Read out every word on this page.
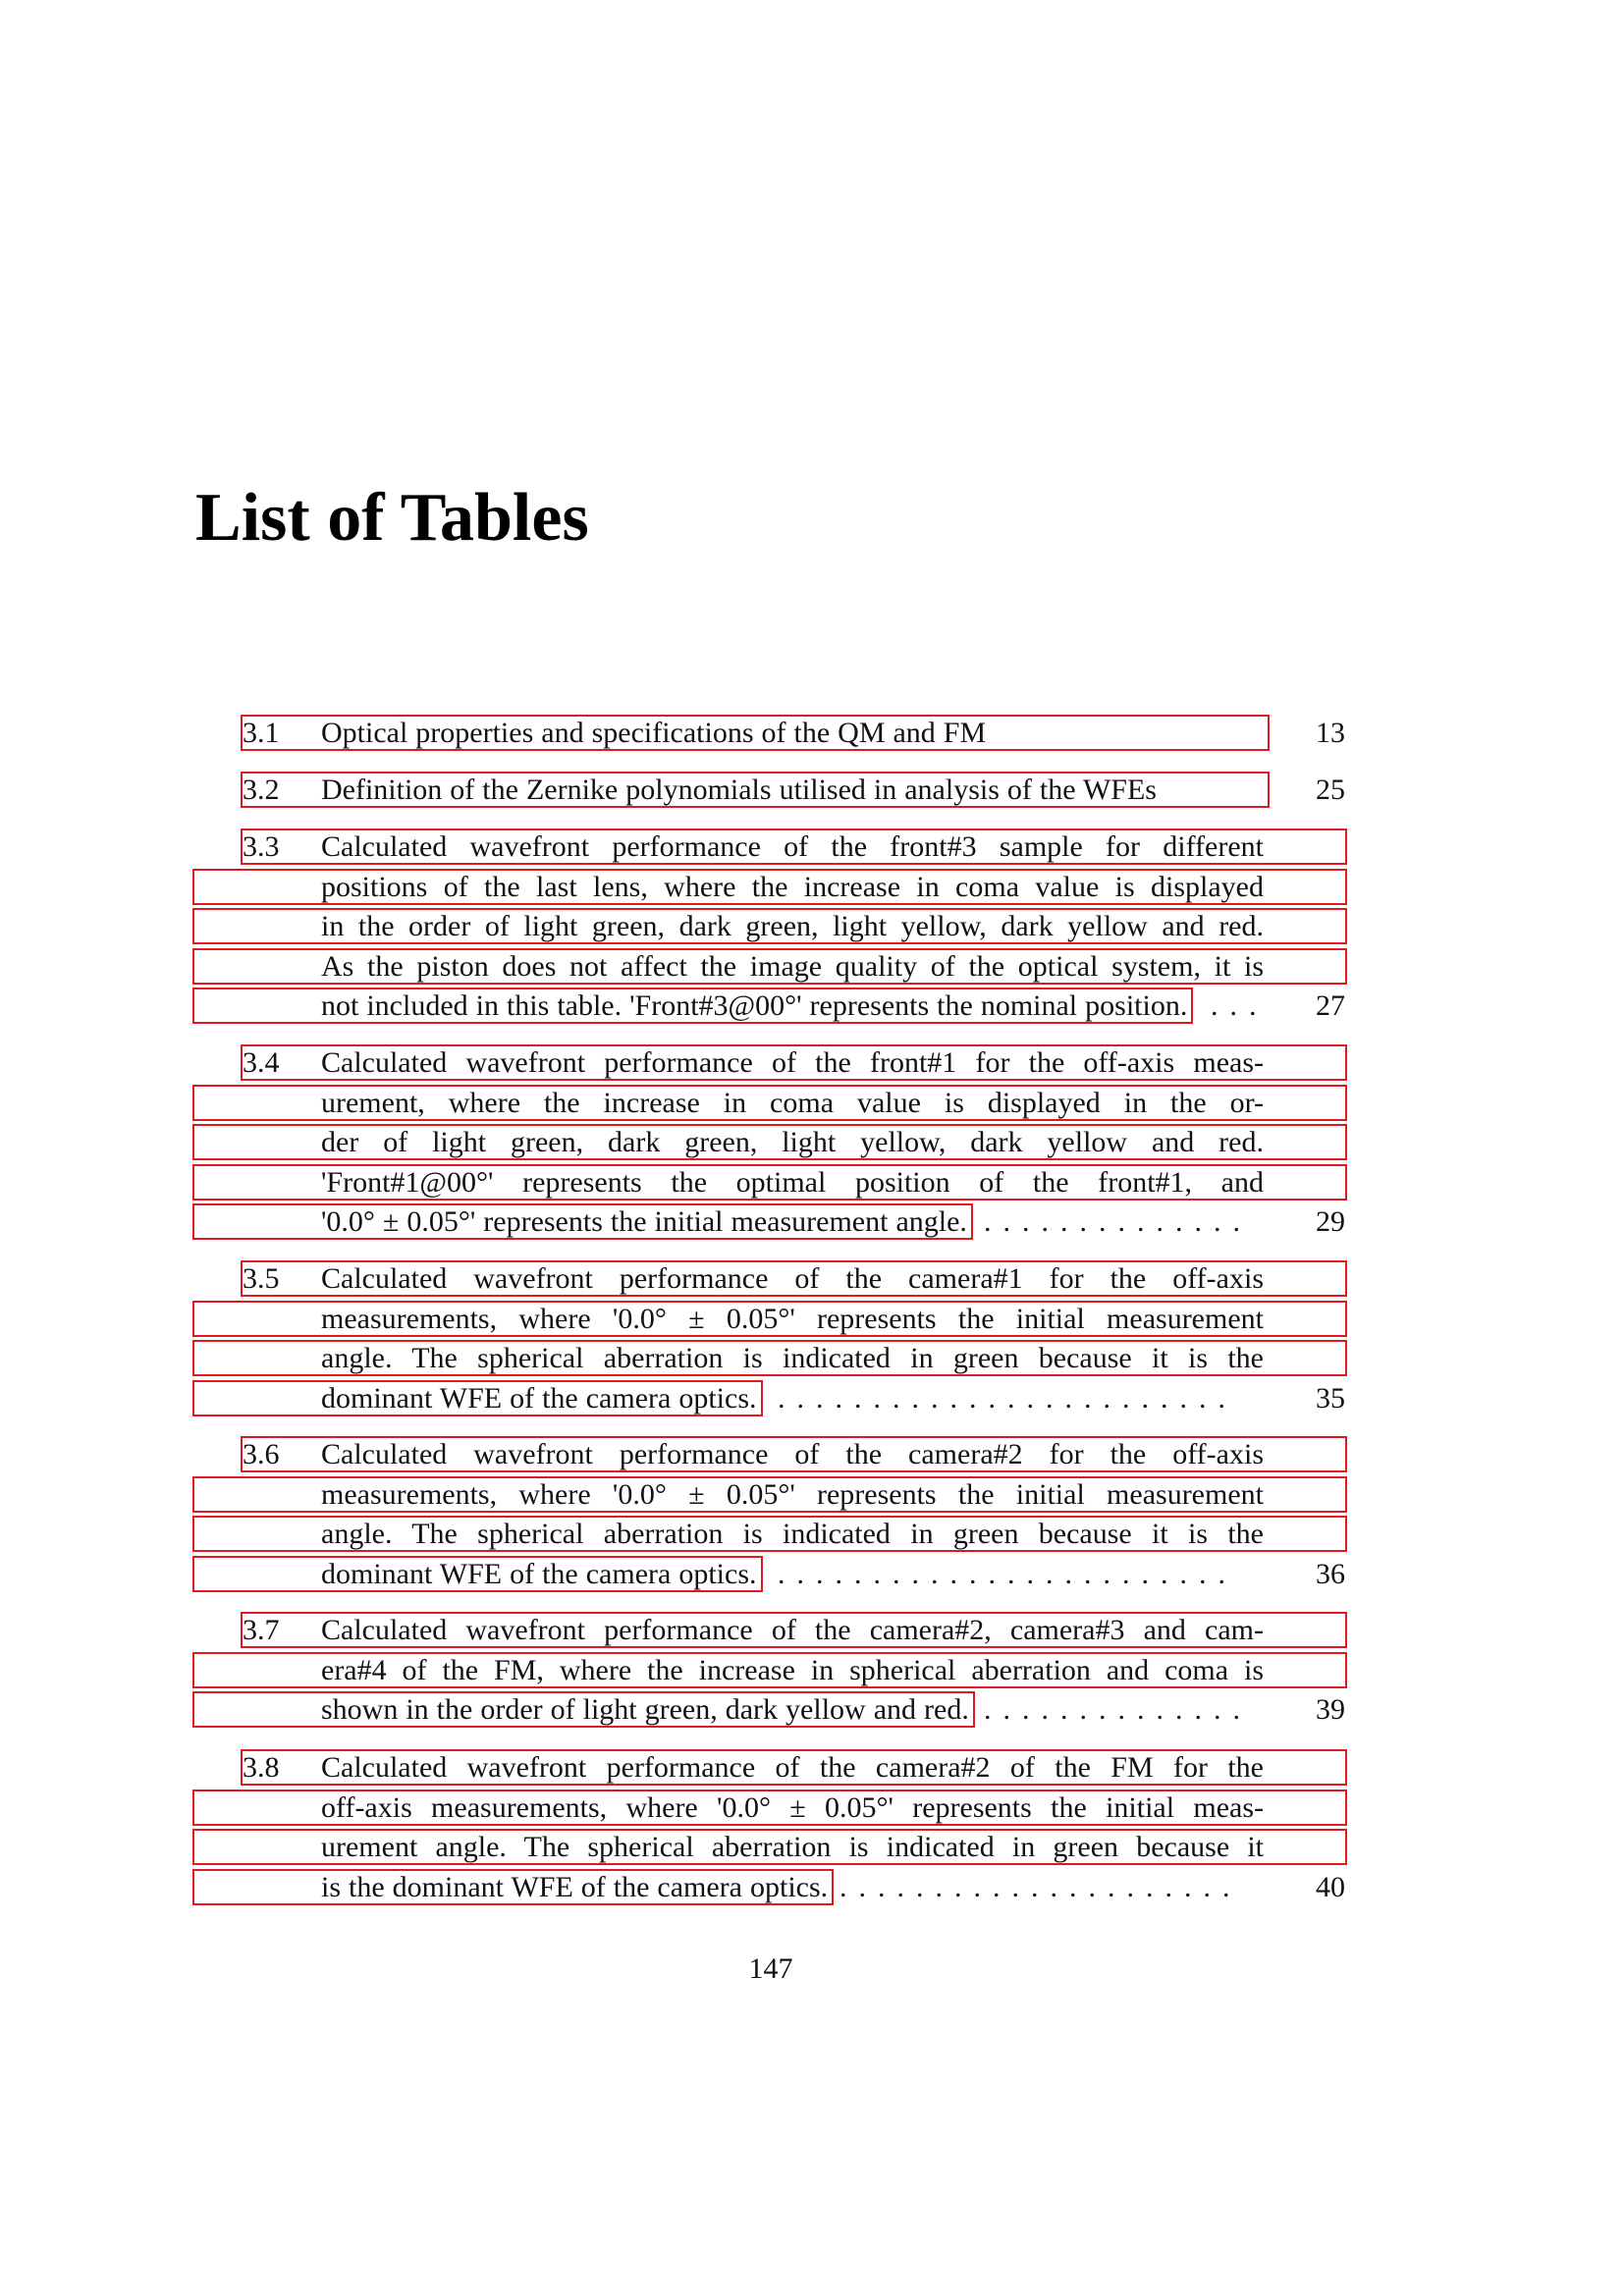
List of Tables
3.1 Optical properties and specifications of the QM and FM	13
3.2 Definition of the Zernike polynomials utilised in analysis of the WFEs	25
3.3 Calculated wavefront performance of the front#3 sample for different
positions of the last lens, where the increase in coma value is displayed
in the order of light green, dark green, light yellow, dark yellow and red.
As the piston does not affect the image quality of the optical system, it is
not included in this table. 'Front#3@00°' represents the nominal position. ...	27
3.4 Calculated wavefront performance of the front#1 for the off-axis meas-
urement, where the increase in coma value is displayed in the or-
der of light green, dark green, light yellow, dark yellow and red.
'Front#1@00°' represents the optimal position of the front#1, and
'0.0° ± 0.05°' represents the initial measurement angle. ..............	29
3.5 Calculated wavefront performance of the camera#1 for the off-axis
measurements, where '0.0° ± 0.05°' represents the initial measurement
angle. The spherical aberration is indicated in green because it is the
dominant WFE of the camera optics. ........................	35
3.6 Calculated wavefront performance of the camera#2 for the off-axis
measurements, where '0.0° ± 0.05°' represents the initial measurement
angle. The spherical aberration is indicated in green because it is the
dominant WFE of the camera optics. ........................	36
3.7 Calculated wavefront performance of the camera#2, camera#3 and cam-
era#4 of the FM, where the increase in spherical aberration and coma is
shown in the order of light green, dark yellow and red. ..............	39
3.8 Calculated wavefront performance of the camera#2 of the FM for the
off-axis measurements, where '0.0° ± 0.05°' represents the initial meas-
urement angle. The spherical aberration is indicated in green because it
is the dominant WFE of the camera optics. .....................	40
147
